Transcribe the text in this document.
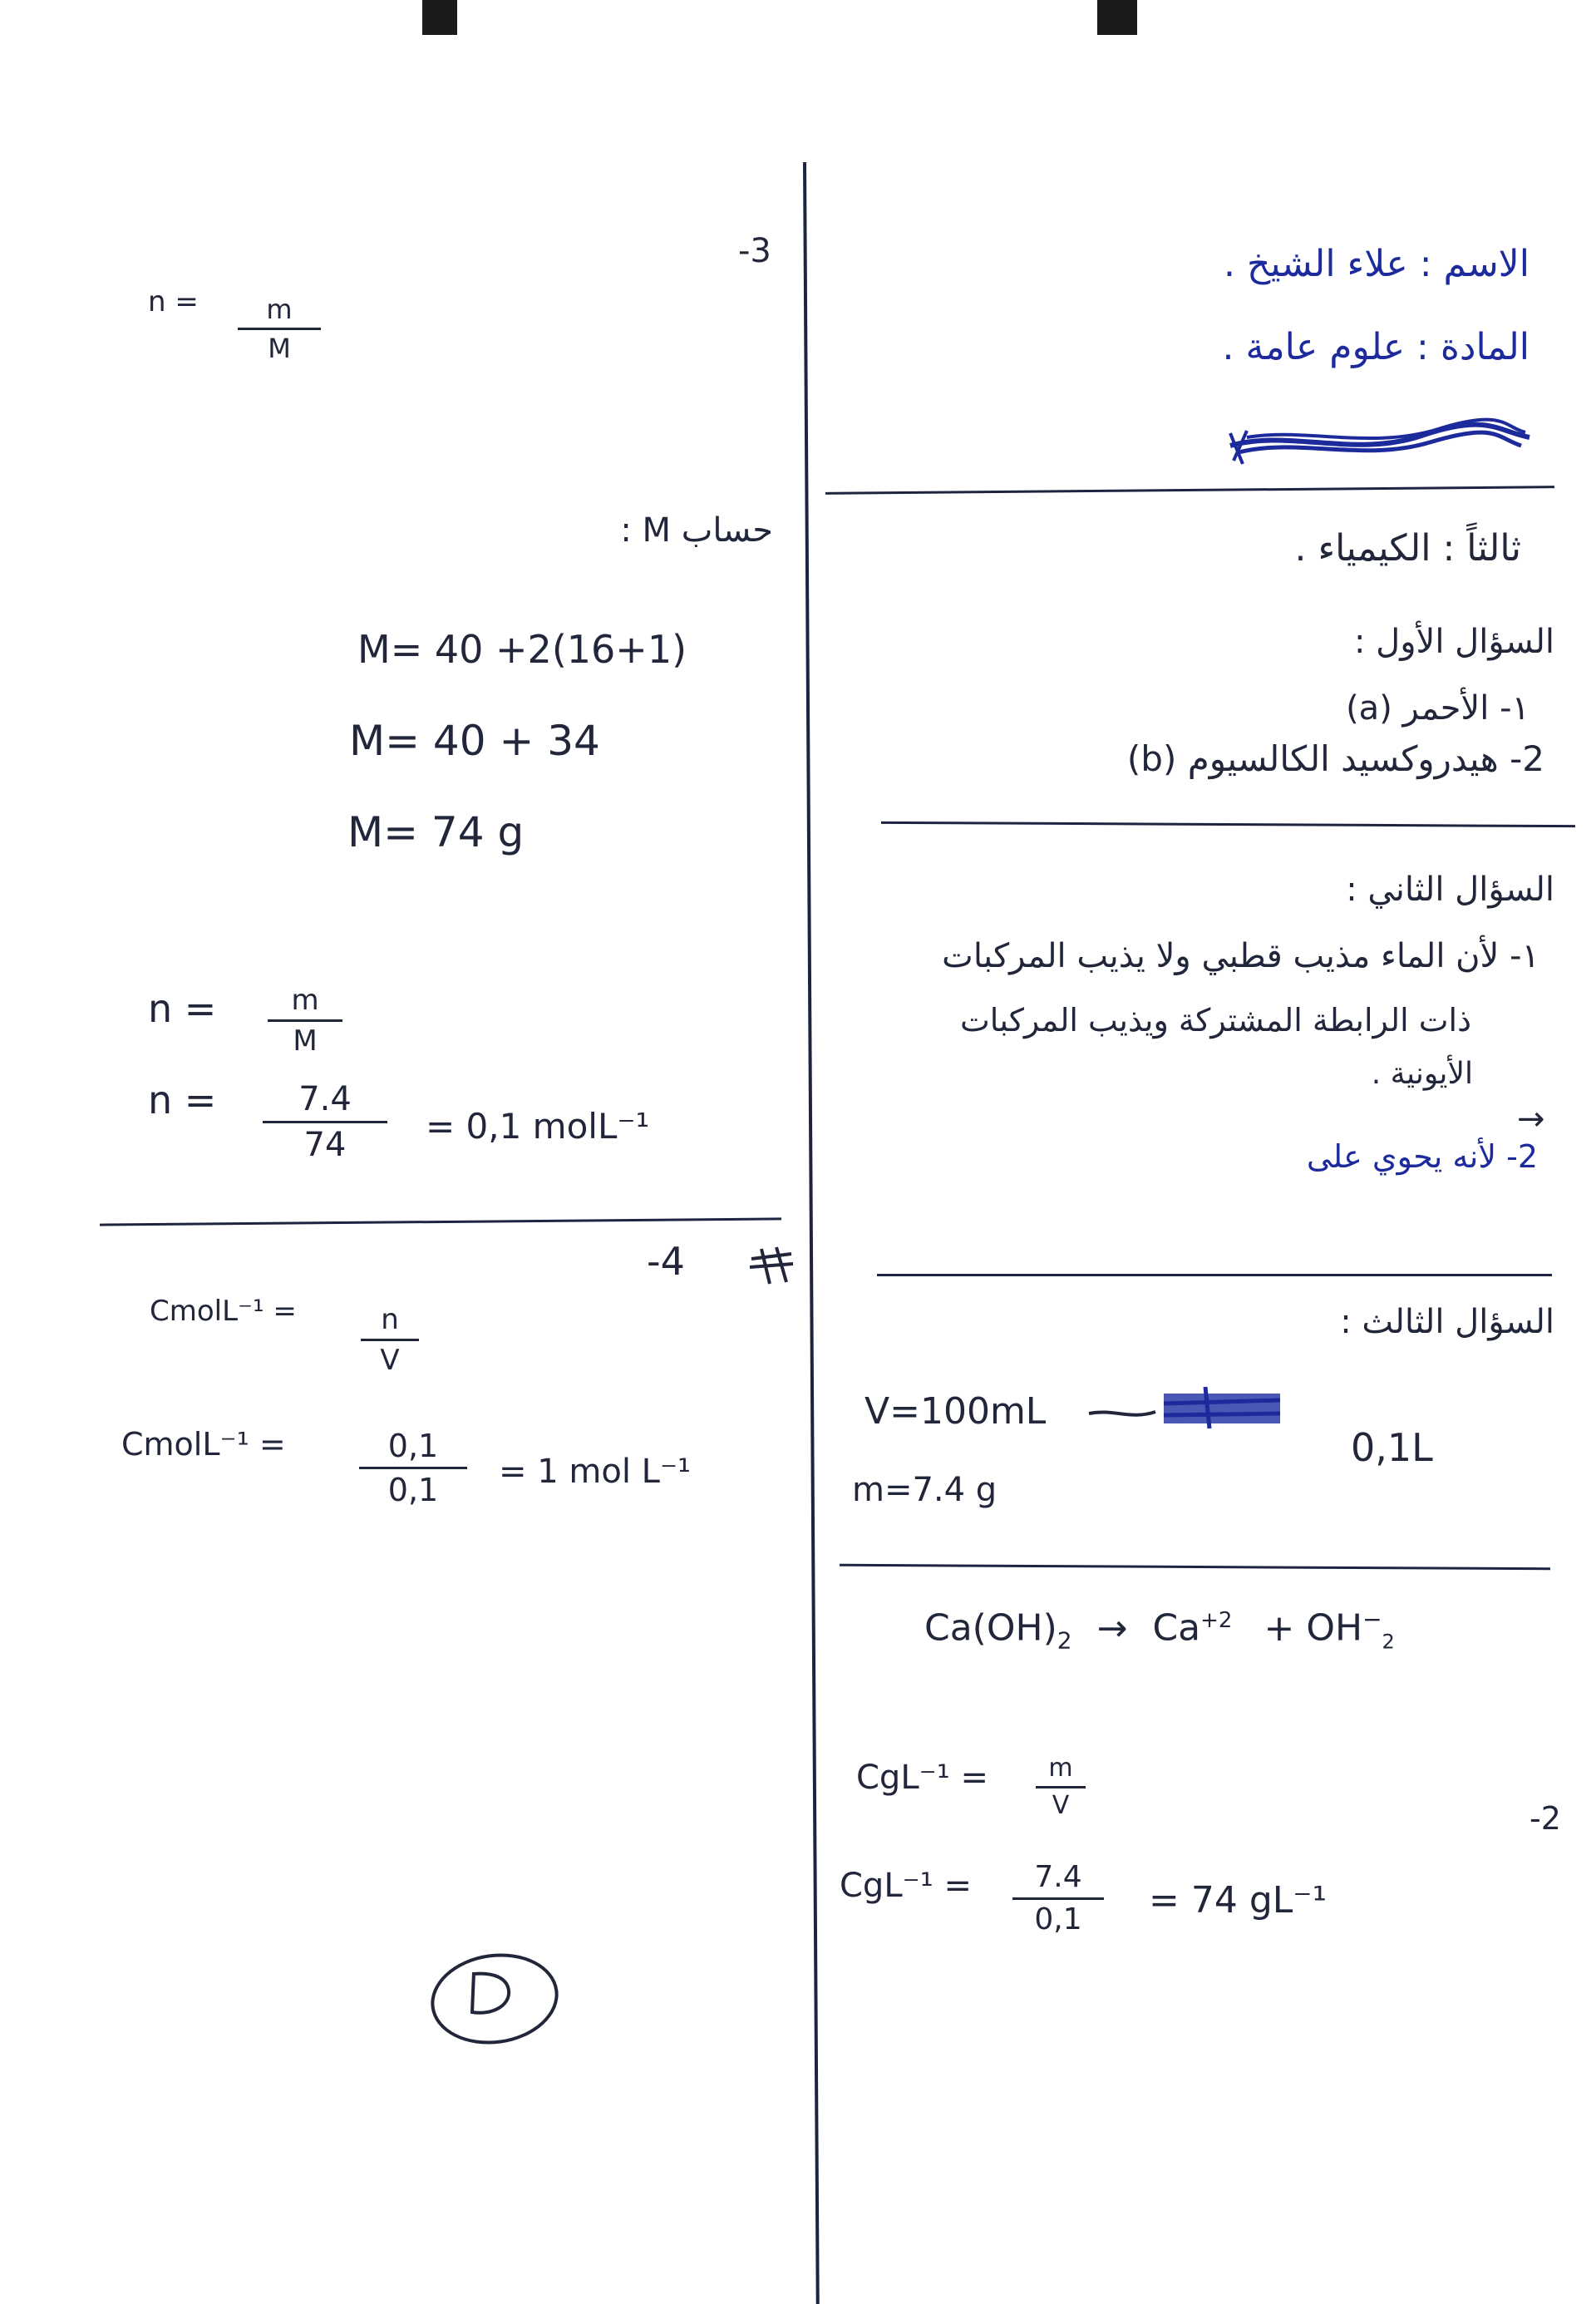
الاسم : علاء الشيخ .
المادة : علوم عامة .
ثالثاً : الكيمياء .
السؤال الأول :
١- الأحمر (a)
2- هيدروكسيد الكالسيوم (b)
السؤال الثاني :
١- لأن الماء مذيب قطبي ولا يذيب المركبات
ذات الرابطة المشتركة ويذيب المركبات
الأيونية .
→
2- لأنه يحوي على
السؤال الثالث :
V=100mL
0,1L
m=7.4 g
$Ca(OH)_2 \to Ca^{+2} + OH^-_2$
-2
CgL⁻¹ =	m
V
CgL⁻¹ =	7.4
0,1	= 74 gL⁻¹
-3
n =	m
M
حساب M :
M= 40 +2(16+1)
M= 40 + 34
M= 74 g
n =	m
M
n =	7.4
74	= 0,1 molL⁻¹
-4
CmolL⁻¹ =	n
V
CmolL⁻¹ =	0,1
0,1	= 1 mol L⁻¹
